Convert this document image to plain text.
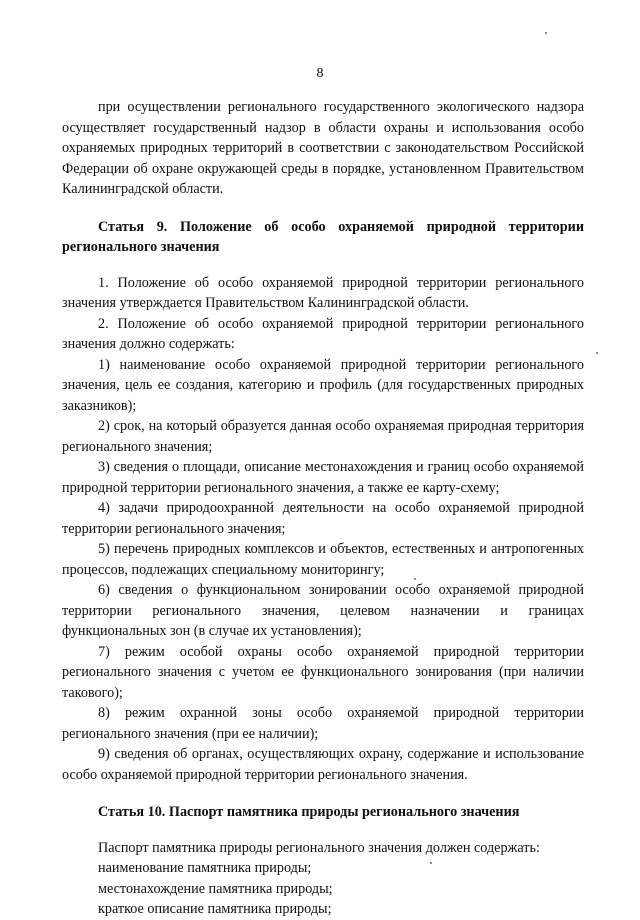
8

при осуществлении регионального государственного экологического надзора осуществляет государственный надзор в области охраны и использования особо охраняемых природных территорий в соответствии с законодательством Российской Федерации об охране окружающей среды в порядке, установленном Правительством Калининградской области.

Статья 9. Положение об особо охраняемой природной территории регионального значения

1. Положение об особо охраняемой природной территории регионального значения утверждается Правительством Калининградской области.

2. Положение об особо охраняемой природной территории регионального значения должно содержать:

1) наименование особо охраняемой природной территории регионального значения, цель ее создания, категорию и профиль (для государственных природных заказников);

2) срок, на который образуется данная особо охраняемая природная территория регионального значения;

3) сведения о площади, описание местонахождения и границ особо охраняемой природной территории регионального значения, а также ее карту-схему;

4) задачи природоохранной деятельности на особо охраняемой природной территории регионального значения;

5) перечень природных комплексов и объектов, естественных и антропогенных процессов, подлежащих специальному мониторингу;

6) сведения о функциональном зонировании особо охраняемой природной территории регионального значения, целевом назначении и границах функциональных зон (в случае их установления);

7) режим особой охраны особо охраняемой природной территории регионального значения с учетом ее функционального зонирования (при наличии такового);

8) режим охранной зоны особо охраняемой природной территории регионального значения (при ее наличии);

9) сведения об органах, осуществляющих охрану, содержание и использование особо охраняемой природной территории регионального значения.

Статья 10. Паспорт памятника природы регионального значения

Паспорт памятника природы регионального значения должен содержать:

наименование памятника природы;

местонахождение памятника природы;

краткое описание памятника природы;
